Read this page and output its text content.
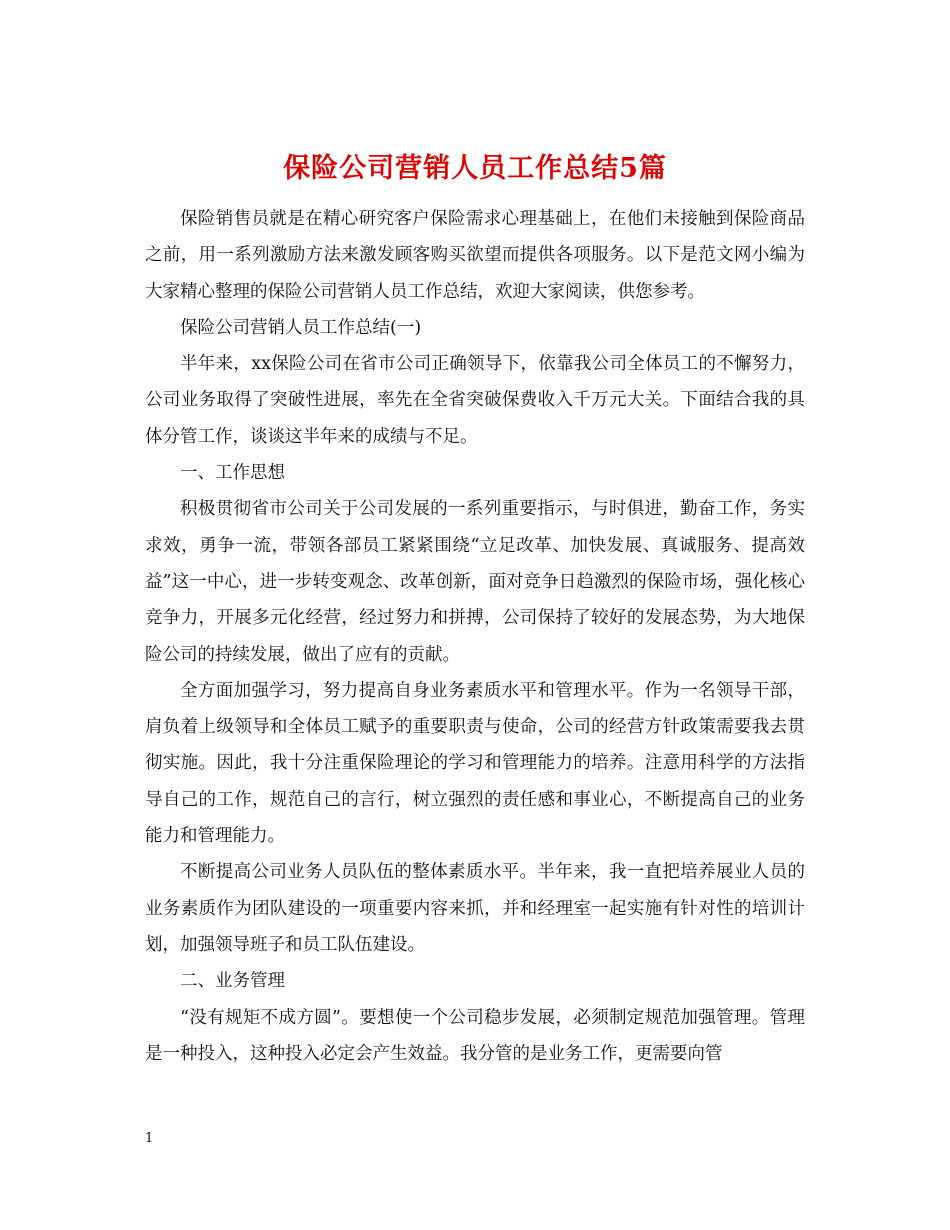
保险公司营销人员工作总结5篇

保险销售员就是在精心研究客户保险需求心理基础上，在他们未接触到保险商品之前，用一系列激励方法来激发顾客购买欲望而提供各项服务。以下是范文网小编为大家精心整理的保险公司营销人员工作总结，欢迎大家阅读，供您参考。

保险公司营销人员工作总结(一)

半年来，xx保险公司在省市公司正确领导下，依靠我公司全体员工的不懈努力，公司业务取得了突破性进展，率先在全省突破保费收入千万元大关。下面结合我的具体分管工作，谈谈这半年来的成绩与不足。

一、工作思想

积极贯彻省市公司关于公司发展的一系列重要指示，与时俱进，勤奋工作，务实求效，勇争一流，带领各部员工紧紧围绕“立足改革、加快发展、真诚服务、提高效益”这一中心，进一步转变观念、改革创新，面对竞争日趋激烈的保险市场，强化核心竞争力，开展多元化经营，经过努力和拼搏，公司保持了较好的发展态势，为大地保险公司的持续发展，做出了应有的贡献。

全方面加强学习，努力提高自身业务素质水平和管理水平。作为一名领导干部，肩负着上级领导和全体员工赋予的重要职责与使命，公司的经营方针政策需要我去贯彻实施。因此，我十分注重保险理论的学习和管理能力的培养。注意用科学的方法指导自己的工作，规范自己的言行，树立强烈的责任感和事业心，不断提高自己的业务能力和管理能力。

不断提高公司业务人员队伍的整体素质水平。半年来，我一直把培养展业人员的业务素质作为团队建设的一项重要内容来抓，并和经理室一起实施有针对性的培训计划，加强领导班子和员工队伍建设。

二、业务管理

“没有规矩不成方圆”。要想使一个公司稳步发展，必须制定规范加强管理。管理是一种投入，这种投入必定会产生效益。我分管的是业务工作，更需要向管

1
